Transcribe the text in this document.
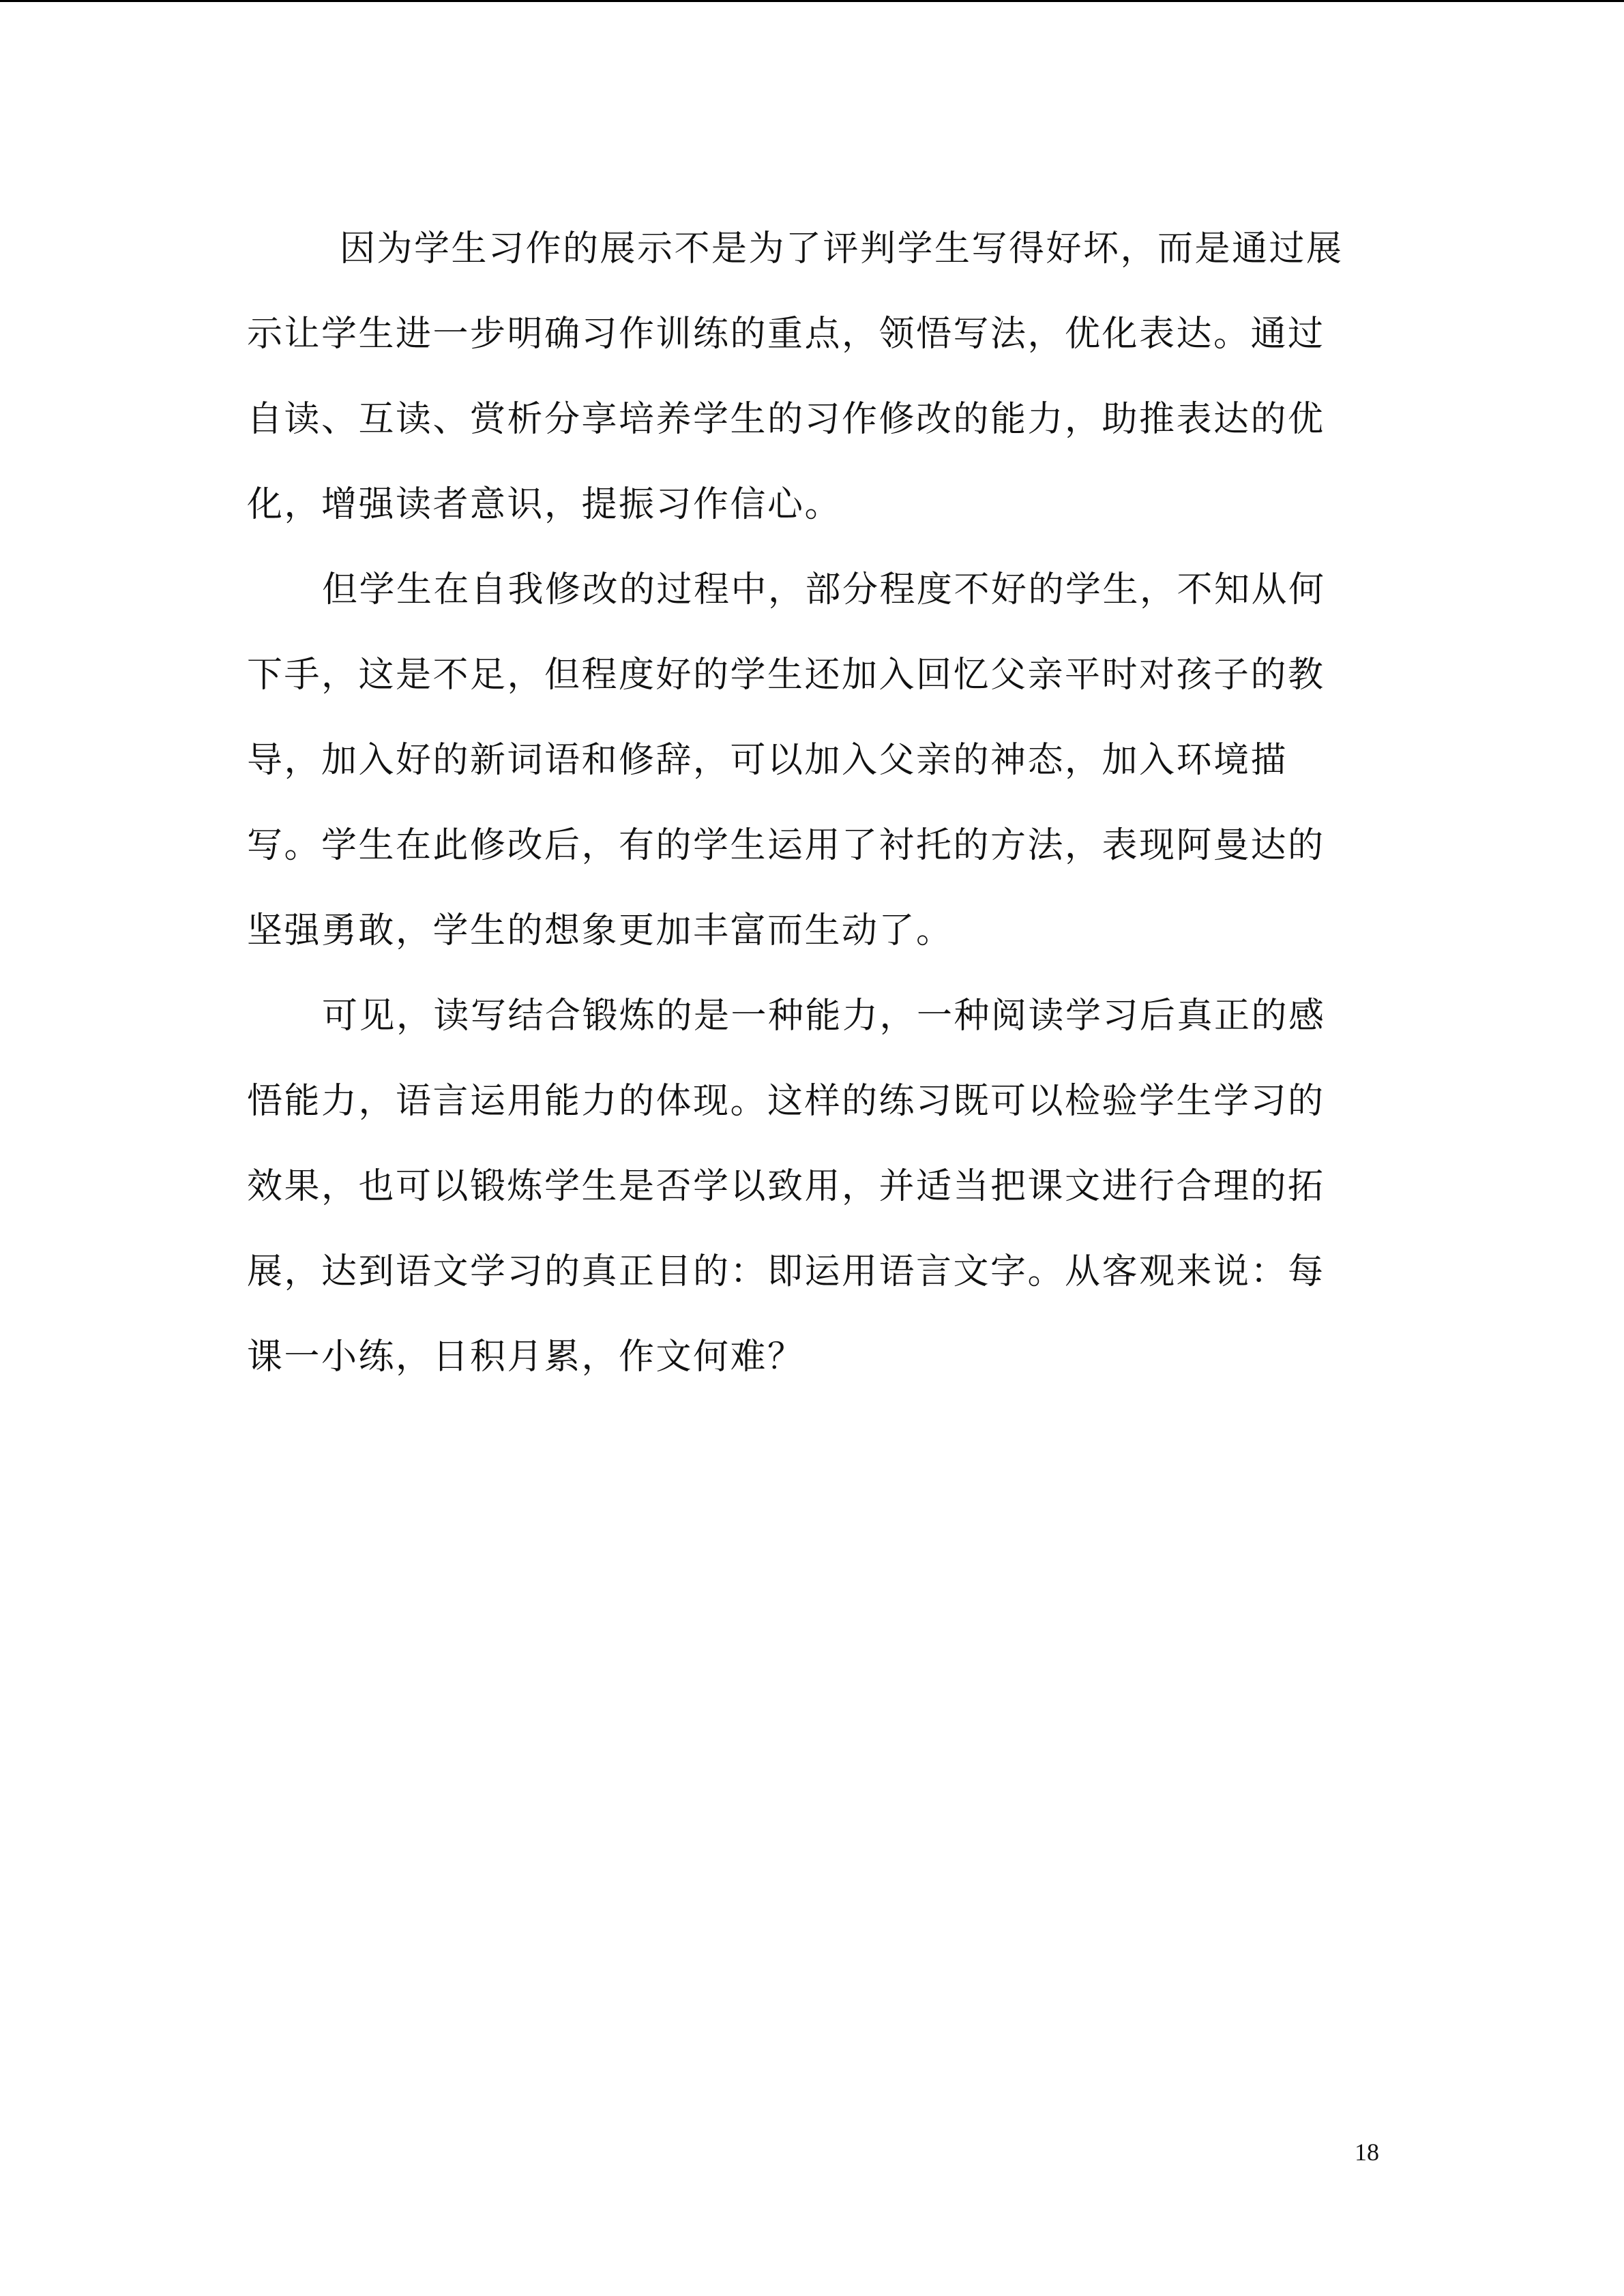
因为学生习作的展示不是为了评判学生写得好坏，而是通过展
示让学生进一步明确习作训练的重点，领悟写法，优化表达。通过
自读、互读、赏析分享培养学生的习作修改的能力，助推表达的优
化，增强读者意识，提振习作信心。
但学生在自我修改的过程中，部分程度不好的学生，不知从何
下手，这是不足，但程度好的学生还加入回忆父亲平时对孩子的教
导，加入好的新词语和修辞，可以加入父亲的神态，加入环境描
写。学生在此修改后，有的学生运用了衬托的方法，表现阿曼达的
坚强勇敢，学生的想象更加丰富而生动了。
可见，读写结合锻炼的是一种能力，一种阅读学习后真正的感
悟能力，语言运用能力的体现。这样的练习既可以检验学生学习的
效果，也可以锻炼学生是否学以致用，并适当把课文进行合理的拓
展，达到语文学习的真正目的：即运用语言文字。从客观来说：每
课一小练，日积月累，作文何难？
18
